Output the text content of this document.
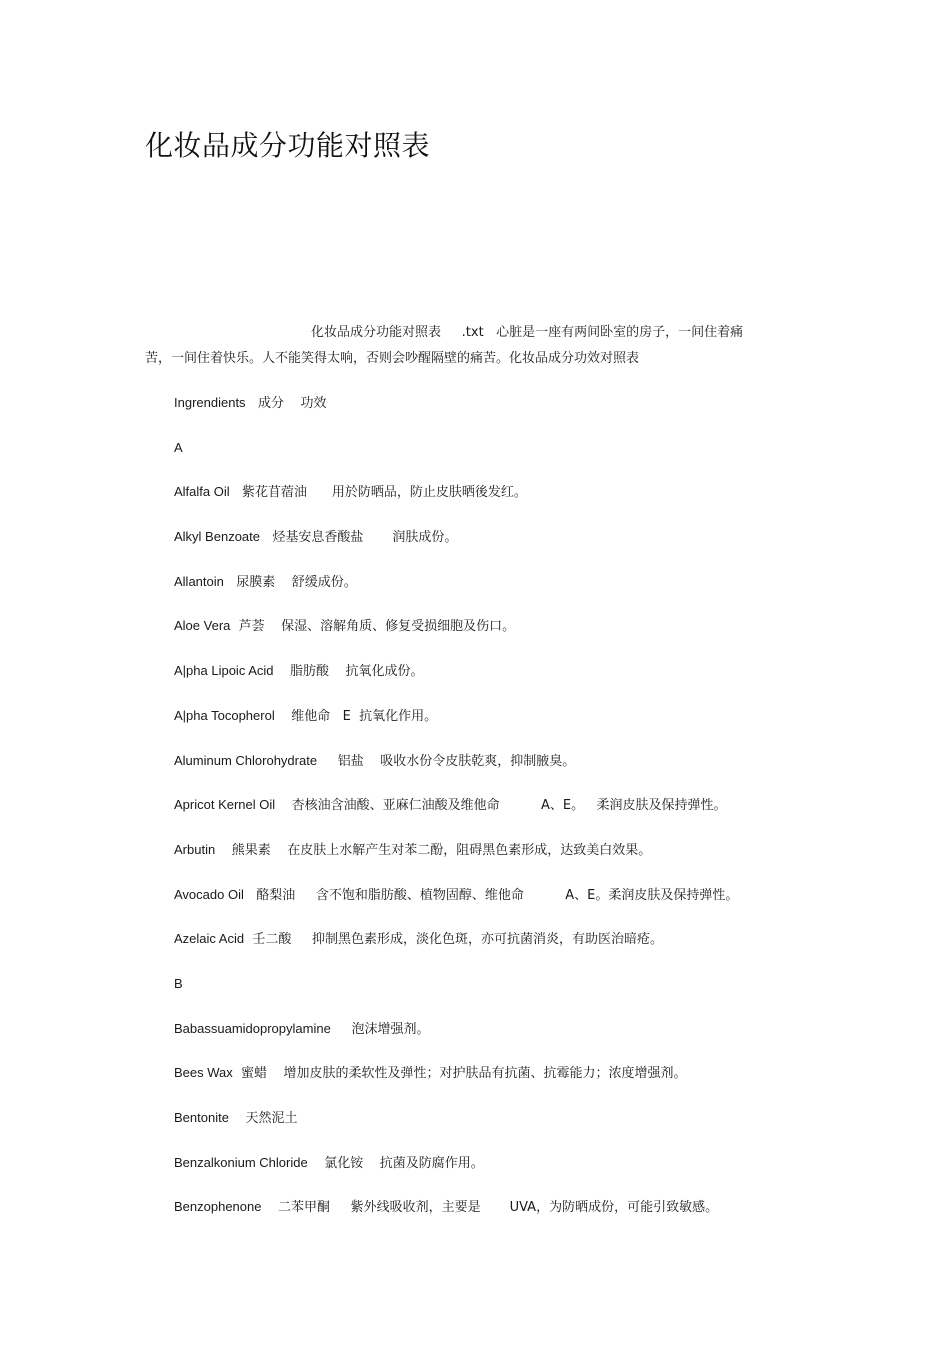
化妆品成分功能对照表
化妆品成分功能对照表     .txt   心脏是一座有两间卧室的房子，一间住着痛
苦，一间住着快乐。人不能笑得太响，否则会吵醒隔壁的痛苦。化妆品成分功效对照表
Ingrendients   成分    功效
A
Alfalfa Oil   紫花苜蓿油      用於防晒品，防止皮肤晒後发红。
Alkyl Benzoate   烃基安息香酸盐       润肤成份。
Allantoin   尿膜素    舒缓成份。
Aloe Vera  芦荟    保湿、溶解角质、修复受损细胞及伤口。
A|pha Lipoic Acid    脂肪酸    抗氧化成份。
A|pha Tocopherol    维他命   E  抗氧化作用。
Aluminum Chlorohydrate     铝盐    吸收水份令皮肤乾爽，抑制腋臭。
Apricot Kernel Oil    杏核油含油酸、亚麻仁油酸及维他命          A、E。   柔润皮肤及保持弹性。
Arbutin    熊果素    在皮肤上水解产生对苯二酚，阻碍黑色素形成，达致美白效果。
Avocado Oil   酪梨油     含不饱和脂肪酸、植物固醇、维他命          A、E。柔润皮肤及保持弹性。
Azelaic Acid  壬二酸     抑制黑色素形成，淡化色斑，亦可抗菌消炎，有助医治暗疮。
B
Babassuamidopropylamine     泡沫增强剂。
Bees Wax  蜜蜡    增加皮肤的柔软性及弹性；对护肤品有抗菌、抗霉能力；浓度增强剂。
Bentonite    天然泥土
Benzalkonium Chloride    氯化铵    抗菌及防腐作用。
Benzophenone    二苯甲酮     紫外线吸收剂，主要是       UVA，为防晒成份，可能引致敏感。
